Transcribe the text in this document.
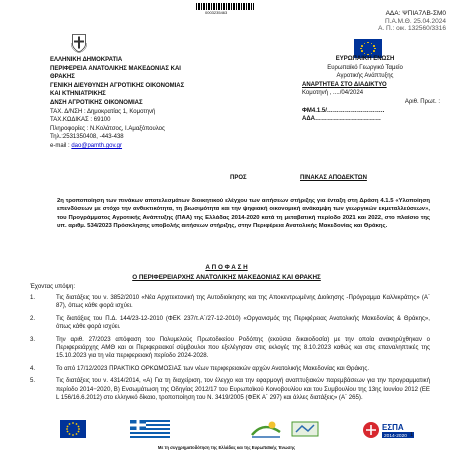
0003235463	ΑΔΑ: ΨΠΙΑ7ΛΒ-ΣΜ0
Π.Α.Μ.Θ. 25.04.2024
Α. Π.: οικ. 132560/3316
ΕΛΛΗΝΙΚΗ ΔΗΜΟΚΡΑΤΙΑ
ΠΕΡΙΦΕΡΕΙΑ ΑΝΑΤΟΛΙΚΗΣ ΜΑΚΕΔΟΝΙΑΣ ΚΑΙ
ΘΡΑΚΗΣ
ΓΕΝΙΚΗ ΔΙΕΥΘΥΝΣΗ ΑΓΡΟΤΙΚΗΣ ΟΙΚΟΝΟΜΙΑΣ
ΚΑΙ ΚΤΗΝΙΑΤΡΙΚΗΣ
ΔΝΣΗ ΑΓΡΟΤΙΚΗΣ ΟΙΚΟΝΟΜΙΑΣ
ΤΑΧ. Δ/ΝΣΗ : Δημοκρατίας 1, Κομοτηνή
ΤΑΧ.ΚΩΔΙΚΑΣ : 69100
Πληροφορίες : Ν.Κολάτσος, Ι.Αμαξόπουλος
Τηλ.:2531350408, -443-438
e-mail : dao@pamth.gov.gr
ΕΥΡΩΠΑΙΚΗ ΕΝΩΣΗ
Ευρωπαϊκό Γεωργικό Ταμείο
Αγροτικής Ανάπτυξης
ΑΝΑΡΤΗΤΕΑ ΣΤΟ ΔΙΑΔΙΚΤΥΟ
Κομοτηνή , ..../04/2024
Αριθ. Πρωτ. :
ΦΜ4.1.5/………………………..
ΑΔΑ……………………………
ΠΡΟΣ	ΠΙΝΑΚΑΣ ΑΠΟΔΕΚΤΩΝ
2η τροποποίηση των πινάκων αποτελεσμάτων διοικητικού ελέγχου των αιτήσεων στήριξης για ένταξη στη Δράση 4.1.5 «Υλοποίηση επενδύσεων με στόχο την ανθεκτικότητα, τη βιωσιμότητα και την ψηφιακή οικονομική ανάκαμψη των γεωργικών εκμεταλλεύσεων», του Προγράμματος Αγροτικής Ανάπτυξης (ΠΑΑ) της Ελλάδας 2014-2020 κατά τη μεταβατική περίοδο 2021 και 2022, στο πλαίσιο της υπ. αριθμ. 534/2023 Πρόσκλησης υποβολής αιτήσεων στήριξης, στην Περιφέρεια Ανατολικής Μακεδονίας και Θράκης.
Α Π Ο Φ Α Σ Η
Ο ΠΕΡΙΦΕΡΕΙΑΡΧΗΣ ΑΝΑΤΟΛΙΚΗΣ ΜΑΚΕΔΟΝΙΑΣ ΚΑΙ ΘΡΑΚΗΣ
Έχοντας υπόψη:
1.	Τις διατάξεις του ν. 3852/2010 «Νέα Αρχιτεκτονική της Αυτοδιοίκησης και της Αποκεντρωμένης Διοίκησης -Πρόγραμμα Καλλικράτης» (Α΄ 87), όπως κάθε φορά ισχύει.
2.	Τις διατάξεις του Π.Δ. 144/23-12-2010 (ΦΕΚ 237/τ.Α΄/27-12-2010) «Οργανισμός της Περιφέρειας Ανατολικής Μακεδονίας & Θράκης», όπως κάθε φορά ισχύει.
3.	Την αριθ. 27/2023 απόφαση του Πολυμελούς Πρωτοδικείου Ροδόπης (εκούσια δικαιοδοσία) με την οποία ανακηρύχθηκαν ο Περιφερειάρχης ΑΜΘ και οι Περιφερειακοί σύμβουλοι που εξελέγησαν στις εκλογές της 8.10.2023 καθώς και στις επαναληπτικές της 15.10.2023 για τη νέα περιφερειακή περίοδο 2024-2028.
4.	Το από 17/12/2023 ΠΡΑΚΤΙΚΟ ΟΡΚΩΜΟΣΙΑΣ των νέων περιφερειακών αρχών Ανατολικής Μακεδονίας και Θράκης.
5.	Τις διατάξεις του ν. 4314/2014, «Α) Για τη διαχείριση, τον έλεγχο και την εφαρμογή αναπτυξιακών παρεμβάσεων για την προγραμματική περίοδο 2014−2020, Β) Ενσωμάτωση της Οδηγίας 2012/17 του Ευρωπαϊκού Κοινοβουλίου και του Συμβουλίου της 13ης Ιουνίου 2012 (ΕΕ L 156/16.6.2012) στο ελληνικό δίκαιο, τροποποίηση του Ν. 3419/2005 (ΦΕΚ Α΄ 297) και άλλες διατάξεις» (Α΄ 265).
ΕΣΠΑ
2014-2020 1
Με τη συγχρηματοδότηση της Ελλάδας και της Ευρωπαϊκής Ένωσης
